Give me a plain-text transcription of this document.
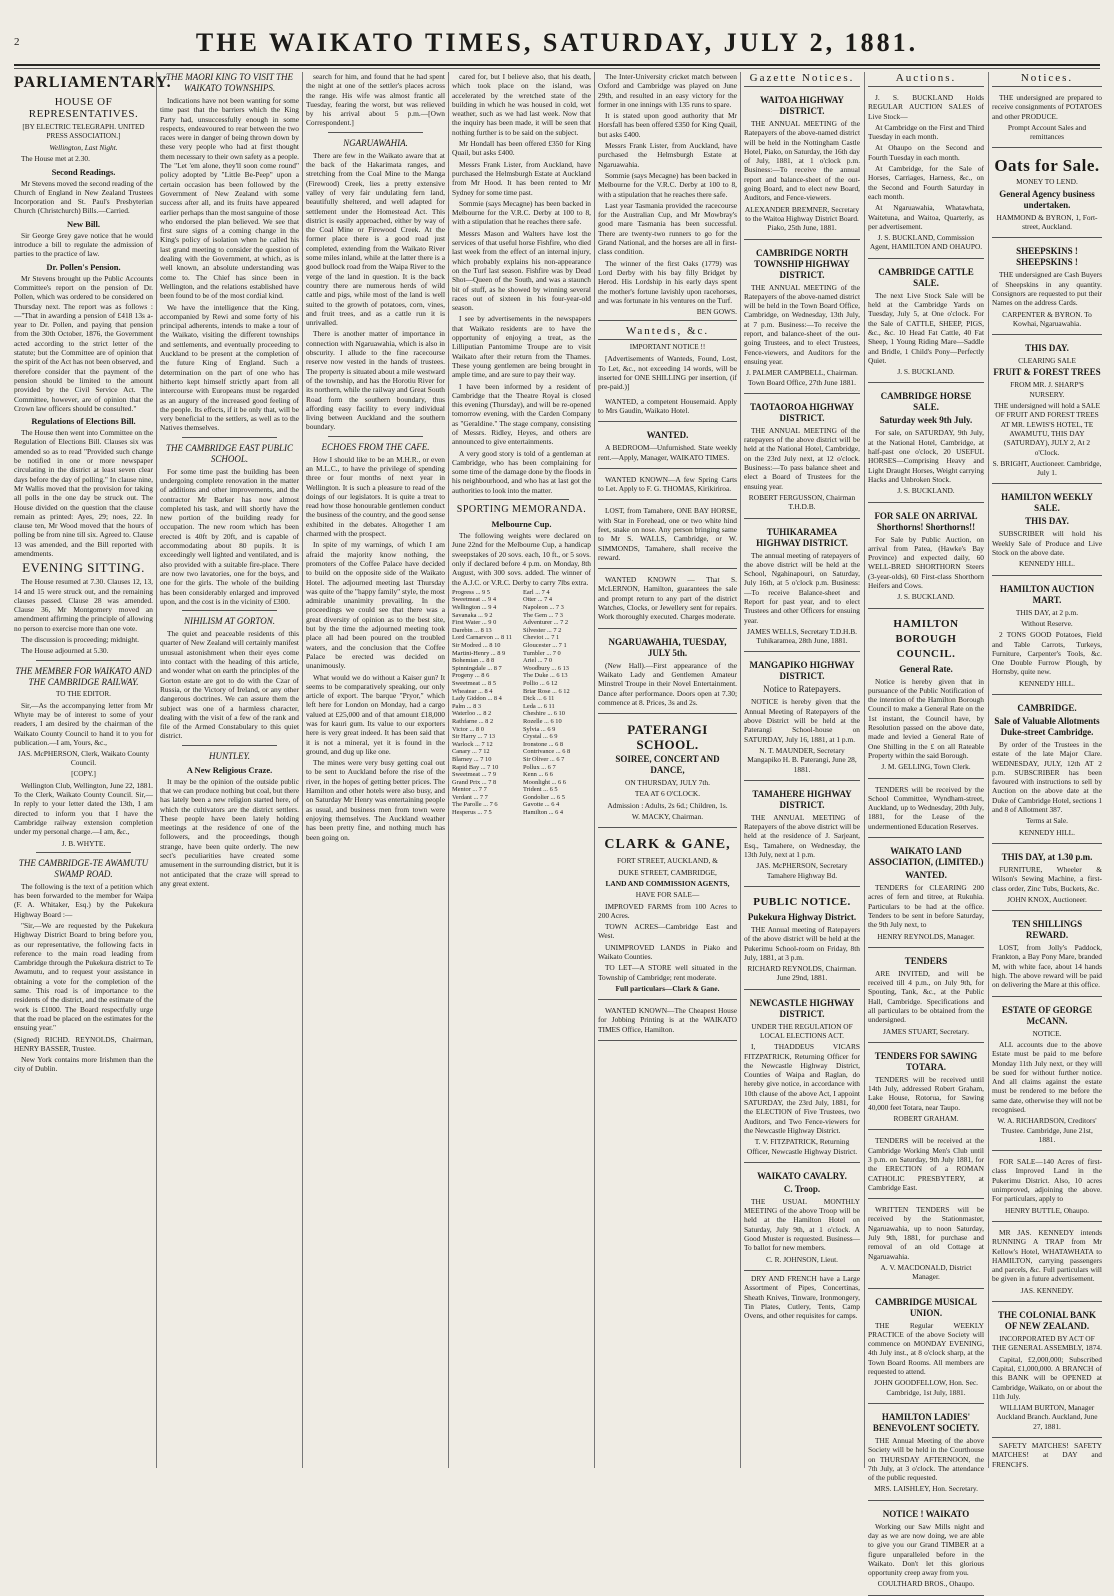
2	THE WAIKATO TIMES, SATURDAY, JULY 2, 1881.
PARLIAMENTARY.
HOUSE OF REPRESENTATIVES.
[BY ELECTRIC TELEGRAPH. UNITED PRESS ASSOCIATION.]

Wellington, Last Night.

The House met at 2.30.

Second Readings.

Mr Stevens moved the second reading of the Church of England in New Zealand Trustees Incorporation and St. Paul's Presbyterian Church (Christchurch) Bills.—Carried.

New Bill.

Sir George Grey gave notice that he would introduce a bill to regulate the admission of parties to the practice of law.

Dr. Pollen's Pension.

Mr Stevens brought up the Public Accounts Committee's report on the pension of Dr. Pollen, which was ordered to be considered on Thursday next. The report was as follows :—"That in awarding a pension of £418 13s a-year to Dr. Pollen, and paying that pension from the 30th October, 1876, the Government acted according to the strict letter of the statute; but the Committee are of opinion that the spirit of the Act has not been observed, and therefore consider that the payment of the pension should be limited to the amount provided by the Civil Service Act. The Committee, however, are of opinion that the Crown law officers should be consulted."

Regulations of Elections Bill.

The House then went into Committee on the Regulation of Elections Bill. Clauses six was amended so as to read "Provided such change be notified in one or more newspaper circulating in the district at least seven clear days before the day of polling." In clause nine, Mr Wallis moved that the provision for taking all polls in the one day be struck out. The House divided on the question that the clause remain as printed: Ayes, 29; noes, 22. In clause ten, Mr Wood moved that the hours of polling be from nine till six. Agreed to. Clause 13 was amended, and the Bill reported with amendments.

EVENING SITTING.

The House resumed at 7.30. Clauses 12, 13, 14 and 15 were struck out, and the remaining clauses passed. Clause 28 was amended. Clause 36, Mr Montgomery moved an amendment affirming the principle of allowing no person to exercise more than one vote.

The discussion is proceeding; midnight.

The House adjourned at 5.30.

THE MEMBER FOR WAIKATO AND THE CAMBRIDGE RAILWAY.
TO THE EDITOR.

Sir,—As the accompanying letter from Mr Whyte may be of interest to some of your readers, I am desired by the chairman of the Waikato County Council to hand it to you for publication.—I am, Yours, &c.,

JAS. McPHERSON, Clerk, Waikato County Council.

[COPY.]

Wellington Club, Wellington, June 22, 1881. To the Clerk, Waikato County Council. Sir,—In reply to your letter dated the 13th, I am directed to inform you that I have the Cambridge railway extension completion under my personal charge.—I am, &c.,

J. B. WHYTE.

THE CAMBRIDGE-TE AWAMUTU SWAMP ROAD.

The following is the text of a petition which has been forwarded to the member for Waipa (F. A. Whitaker, Esq.) by the Pukekura Highway Board :—

"Sir,—We are requested by the Pukekura Highway District Board to bring before you, as our representative, the following facts in reference to the main road leading from Cambridge through the Pukekura district to Te Awamutu, and to request your assistance in obtaining a vote for the completion of the same. This road is of importance to the residents of the district, and the estimate of the work is £1000. The Board respectfully urge that the road be placed on the estimates for the ensuing year."

(Signed) RICHD. REYNOLDS, Chairman, HENRY BASSER, Trustee.

New York contains more Irishmen than the city of Dublin.

THE MAORI KING TO VISIT THE WAIKATO TOWNSHIPS.

Indications have not been wanting for some time past that the barriers which the King Party had, unsuccessfully enough in some respects, endeavoured to rear between the two races were in danger of being thrown down by these very people who had at first thought them necessary to their own safety as a people. The "Let 'em alone, they'll soon come round" policy adopted by "Little Be-Peep" upon a certain occasion has been followed by the Government of New Zealand with some success after all, and its fruits have appeared earlier perhaps than the most sanguine of those who endorsed the plan believed. We see that first sure signs of a coming change in the King's policy of isolation when he called his last grand meeting to consider the question of dealing with the Government, at which, as is well known, an absolute understanding was come to. The Chief has since been in Wellington, and the relations established have been found to be of the most cordial kind.

We have the intelligence that the King, accompanied by Rewi and some forty of his principal adherents, intends to make a tour of the Waikato, visiting the different townships and settlements, and eventually proceeding to Auckland to be present at the completion of the future King of England. Such a determination on the part of one who has hitherto kept himself strictly apart from all intercourse with Europeans must be regarded as an augury of the increased good feeling of the people. Its effects, if it be only that, will be very beneficial to the settlers, as well as to the Natives themselves.

THE CAMBRIDGE EAST PUBLIC SCHOOL.

For some time past the building has been undergoing complete renovation in the matter of additions and other improvements, and the contractor Mr Barker has now almost completed his task, and will shortly have the new portion of the building ready for occupation. The new room which has been erected is 40ft by 20ft, and is capable of accommodating about 80 pupils. It is exceedingly well lighted and ventilated, and is also provided with a suitable fire-place. There are now two lavatories, one for the boys, and one for the girls. The whole of the building has been considerably enlarged and improved upon, and the cost is in the vicinity of £300.

NIHILISM AT GORTON.

The quiet and peaceable residents of this quarter of New Zealand will certainly manifest unusual astonishment when their eyes come into contact with the heading of this article, and wonder what on earth the principles of the Gorton estate are got to do with the Czar of Russia, or the Victory of Ireland, or any other dangerous doctrines. We can assure them the subject was one of a harmless character, dealing with the visit of a few of the rank and file of the Armed Constabulary to this quiet district.

HUNTLEY.
A New Religious Craze.

It may be the opinion of the outside public that we can produce nothing but coal, but there has lately been a new religion started here, of which the cultivators are the district settlers. These people have been lately holding meetings at the residence of one of the followers, and the proceedings, though strange, have been quite orderly. The new sect's peculiarities have created some amusement in the surrounding district, but it is not anticipated that the craze will spread to any great extent.

search for him, and found that he had spent the night at one of the settler's places across the range. His wife was almost frantic all Tuesday, fearing the worst, but was relieved by his arrival about 5 p.m.—[Own Correspondent.]

NGARUAWAHIA.

There are few in the Waikato aware that at the back of the Hakarimata ranges, and stretching from the Coal Mine to the Manga (Firewood) Creek, lies a pretty extensive valley of very fair undulating fern land, beautifully sheltered, and well adapted for settlement under the Homestead Act. This district is easily approached, either by way of the Coal Mine or Firewood Creek. At the former place there is a good road just completed, extending from the Waikato River some miles inland, while at the latter there is a good bullock road from the Waipa River to the verge of the land in question. It is the back country there are numerous herds of wild cattle and pigs, while most of the land is well suited to the growth of potatoes, corn, vines, and fruit trees, and as a cattle run it is unrivalled.

There is another matter of importance in connection with Ngaruawahia, which is also in obscurity. I allude to the fine racecourse reserve now vested in the hands of trustees. The property is situated about a mile westward of the township, and has the Horotiu River for its northern, while the railway and Great South Road form the southern boundary, thus affording easy facility to every individual living between Auckland and the southern boundary.

ECHOES FROM THE CAFE.

How I should like to be an M.H.R., or even an M.L.C., to have the privilege of spending three or four months of next year in Wellington. It is such a pleasure to read of the doings of our legislators. It is quite a treat to read how those honourable gentlemen conduct the business of the country, and the good sense exhibited in the debates. Altogether I am charmed with the prospect.

In spite of my warnings, of which I am afraid the majority know nothing, the promoters of the Coffee Palace have decided to build on the opposite side of the Waikato Hotel. The adjourned meeting last Thursday was quite of the "happy family" style, the most admirable unanimity prevailing. In the proceedings we could see that there was a great diversity of opinion as to the best site, but by the time the adjourned meeting took place all had been poured on the troubled waters, and the conclusion that the Coffee Palace be erected was decided on unanimously.

What would we do without a Kaiser gun? It seems to be comparatively speaking, our only article of export. The barque "Pryor," which left here for London on Monday, had a cargo valued at £25,000 and of that amount £18,000 was for kauri gum. Its value to our exporters here is very great indeed. It has been said that it is not a mineral, yet it is found in the ground, and dug up like one.

The mines were very busy getting coal out to be sent to Auckland before the rise of the river, in the hopes of getting better prices. The Hamilton and other hotels were also busy, and on Saturday Mr Henry was entertaining people as usual, and business men from town were enjoying themselves. The Auckland weather has been pretty fine, and nothing much has been going on.

cared for, but I believe also, that his death, which took place on the island, was accelerated by the wretched state of the building in which he was housed in cold, wet weather, such as we had last week. Now that the inquiry has been made, it will be seen that nothing further is to be said on the subject.

Mr Hondall has been offered £350 for King Quail, but asks £400.

Messrs Frank Lister, from Auckland, have purchased the Helmsburgh Estate at Auckland from Mr Hood. It has been rented to Mr Sydney for some time past.

Sommie (says Mecagne) has been backed in Melbourne for the V.R.C. Derby at 100 to 8, with a stipulation that he reaches there safe.

Messrs Mason and Walters have lost the services of that useful horse Fishfire, who died last week from the effect of an internal injury, which probably explains his non-appearance on the Turf last season. Fishfire was by Dead Shot—Queen of the South, and was a staunch bit of stuff, as he showed by winning several races out of sixteen in his four-year-old season.

I see by advertisements in the newspapers that Waikato residents are to have the opportunity of enjoying a treat, as the Lilliputian Pantomime Troupe are to visit Waikato after their return from the Thames. These young gentlemen are being brought in ample time, and are sure to pay their way.

I have been informed by a resident of Cambridge that the Theatre Royal is closed this evening (Thursday), and will be re-opened tomorrow evening, with the Carden Company as "Geraldine." The stage company, consisting of Messrs. Ridley, Heyes, and others are announced to give entertainments.

A very good story is told of a gentleman at Cambridge, who has been complaining for some time of the damage done by the floods in his neighbourhood, and who has at last got the authorities to look into the matter.

SPORTING MEMORANDA.
Melbourne Cup.

The following weights were declared on June 22nd for the Melbourne Cup, a handicap sweepstakes of 20 sovs. each, 10 ft., or 5 sovs. only if declared before 4 p.m. on Monday, 8th August, with 300 sovs. added. The winner of the A.J.C. or V.R.C. Derby to carry 7lbs extra.

Progress ... 9 5
Sweetmeat ... 9 4
Wellington ... 9 4
Savanaka ... 9 2
First Water ... 9 0
Darebin ... 8 13
Lord Carnarvon ... 8 11
Sir Modred ... 8 10
Martini-Henry ... 8 9
Bohemian ... 8 8
Spinningdale ... 8 7
Progeny ... 8 6
Sweetmeat ... 8 5
Wheatear ... 8 4
Lady Giddon ... 8 4
Palm ... 8 3
Waterloo ... 8 2
Rathfarne ... 8 2
Victor ... 8 0
Sir Harry ... 7 13
Warlock ... 7 12
Canary ... 7 12
Blarney ... 7 10
Rapid Bay ... 7 10
Sweetmeat ... 7 9
Grand Prix ... 7 8
Mentor ... 7 7
Verdant ... 7 7
The Parolle ... 7 6
Hesperus ... 7 5
Earl ... 7 4
Otter ... 7 4
Napoleon ... 7 3
The Gem ... 7 3
Adventurer ... 7 2
Silvester ... 7 2
Cheviot ... 7 1
Gloucester ... 7 1
Tumbler ... 7 0
Ariel ... 7 0
Woodbury ... 6 13
The Duke ... 6 13
Pollio ... 6 12
Briar Rose ... 6 12
Dick ... 6 11
Leda ... 6 11
Cheshire ... 6 10
Rozelle ... 6 10
Sylvia ... 6 9
Crystal ... 6 9
Ironstone ... 6 8
Contrivance ... 6 8
Sir Oliver ... 6 7
Pollux ... 6 7
Kenn ... 6 6
Moonlight ... 6 6
Trident ... 6 5
Gondolier ... 6 5
Gavotte ... 6 4
Hamilton ... 6 4

The Inter-University cricket match between Oxford and Cambridge was played on June 29th, and resulted in an easy victory for the former in one innings with 135 runs to spare.

It is stated upon good authority that Mr Horsfall has been offered £350 for King Quail, but asks £400.

Messrs Frank Lister, from Auckland, have purchased the Helmsburgh Estate at Ngaruawahia.

Sommie (says Mecagne) has been backed in Melbourne for the V.R.C. Derby at 100 to 8, with a stipulation that he reaches there safe.

Last year Tasmania provided the racecourse for the Australian Cup, and Mr Mowbray's good mare Tasmania has been successful. There are twenty-two runners to go for the Grand National, and the horses are all in first-class condition.

The winner of the first Oaks (1779) was Lord Derby with his bay filly Bridget by Herod. His Lordship in his early days spent the mother's fortune lavishly upon racehorses, and was fortunate in his ventures on the Turf.

BEN GOWS.

Wanteds, &c.
IMPORTANT NOTICE !!

[Advertisements of Wanteds, Found, Lost, To Let, &c., not exceeding 14 words, will be inserted for ONE SHILLING per insertion, (if pre-paid.)]

WANTED, a competent Housemaid. Apply to Mrs Gaudin, Waikato Hotel.

WANTED.

A BEDROOM—Unfurnished. State weekly rent.—Apply, Manager, WAIKATO TIMES.

WANTED KNOWN—A few Spring Carts to Let. Apply to F. G. THOMAS, Kirikiriroa.

LOST, from Tamahere, ONE BAY HORSE, with Star in Forehead, one or two white hind feet, snake on nose. Any person bringing same to Mr S. WALLS, Cambridge, or W. SIMMONDS, Tamahere, shall receive the reward.

WANTED KNOWN — That S. McLERNON, Hamilton, guarantees the sale and prompt return to any part of the district Watches, Clocks, or Jewellery sent for repairs. Work thoroughly executed. Charges moderate.

NGARUAWAHIA, TUESDAY, JULY 5th.

(New Hall).—First appearance of the Waikato Lady and Gentlemen Amateur Minstrel Troupe in their Novel Entertainment. Dance after performance. Doors open at 7.30; commence at 8. Prices, 3s and 2s.

PATERANGI SCHOOL.
SOIREE, CONCERT AND DANCE,

ON THURSDAY, JULY 7th.

TEA AT 6 O'CLOCK.

Admission : Adults, 2s 6d.; Children, 1s.

W. MACKY, Chairman.

CLARK & GANE,

FORT STREET, AUCKLAND, &

DUKE STREET, CAMBRIDGE,

LAND AND COMMISSION AGENTS,

HAVE FOR SALE—

IMPROVED FARMS from 100 Acres to 200 Acres.

TOWN ACRES—Cambridge East and West.

UNIMPROVED LANDS in Piako and Waikato Counties.

TO LET—A STORE well situated in the Township of Cambridge; rent moderate.

Full particulars—Clark & Gane.

WANTED KNOWN—The Cheapest House for Jobbing Printing is at the WAIKATO TIMES Office, Hamilton.

Gazette Notices.
WAITOA HIGHWAY DISTRICT.

THE ANNUAL MEETING of the Ratepayers of the above-named district will be held in the Nottingham Castle Hotel, Piako, on Saturday, the 16th day of July, 1881, at 1 o'clock p.m. Business:—To receive the annual report and balance-sheet of the out-going Board, and to elect new Board, Auditors, and Fence-viewers.

ALEXANDER BREMNER, Secretary to the Waitoa Highway District Board. Piako, 25th June, 1881.

CAMBRIDGE NORTH TOWNSHIP HIGHWAY DISTRICT.

THE ANNUAL MEETING of the Ratepayers of the above-named district will be held in the Town Board Office, Cambridge, on Wednesday, 13th July, at 7 p.m. Business:—To receive the report, and balance-sheet of the out-going Trustees, and to elect Trustees, Fence-viewers, and Auditors for the ensuing year.

J. PALMER CAMPBELL, Chairman. Town Board Office, 27th June 1881.

TAOTAOROA HIGHWAY DISTRICT.

THE ANNUAL MEETING of the ratepayers of the above district will be held at the National Hotel, Cambridge, on the 23rd July next, at 12 o'clock. Business:—To pass balance sheet and elect a Board of Trustees for the ensuing year.

ROBERT FERGUSSON, Chairman T.H.D.B.

TUHIKARAMEA HIGHWAY DISTRICT.

The annual meeting of ratepayers of the above district will be held at the School, Ngahinapouri, on Saturday, July 16th, at 5 o'clock p.m. Business:—To receive Balance-sheet and Report for past year, and to elect Trustees and other Officers for ensuing year.

JAMES WELLS, Secretary T.D.H.B. Tuhikaramea, 28th June, 1881.

MANGAPIKO HIGHWAY DISTRICT.
Notice to Ratepayers.

NOTICE is hereby given that the Annual Meeting of Ratepayers of the above District will be held at the Paterangi School-house on SATURDAY, July 16, 1881, at 1 p.m.

N. T. MAUNDER, Secretary Mangapiko H. B. Paterangi, June 28, 1881.

TAMAHERE HIGHWAY DISTRICT.

THE ANNUAL MEETING of Ratepayers of the above district will be held at the residence of J. Sarjeant, Esq., Tamahere, on Wednesday, the 13th July, next at 1 p.m.

JAS. McPHERSON, Secretary Tamahere Highway Bd.

PUBLIC NOTICE.
Pukekura Highway District.

THE Annual meeting of Ratepayers of the above district will be held at the Pukerimu School-room on Friday, 8th July, 1881, at 3 p.m.

RICHARD REYNOLDS, Chairman. June 29nd, 1881.

NEWCASTLE HIGHWAY DISTRICT.

UNDER THE REGULATION OF LOCAL ELECTIONS ACT.

I, THADDEUS VICARS FITZPATRICK, Returning Officer for the Newcastle Highway District, Counties of Waipa and Raglan, do hereby give notice, in accordance with 10th clause of the above Act, I appoint SATURDAY, the 23rd July, 1881, for the ELECTION of Five Trustees, two Auditors, and Two Fence-viewers for the Newcastle Highway District.

T. V. FITZPATRICK, Returning Officer, Newcastle Highway District.

WAIKATO CAVALRY.
C. Troop.

THE USUAL MONTHLY MEETING of the above Troop will be held at the Hamilton Hotel on Saturday, July 9th, at 1 o'clock. A Good Muster is requested. Business—To ballot for new members.

C. R. JOHNSON, Lieut.

DRY AND FRENCH have a Large Assortment of Pipes, Concertinas, Sheath Knives, Tinware, Ironmongery, Tin Plates, Cutlery, Tents, Camp Ovens, and other requisites for camps.

Auctions.

J. S. BUCKLAND Holds REGULAR AUCTION SALES of Live Stock—

At Cambridge on the First and Third Tuesday in each month.

At Ohaupo on the Second and Fourth Tuesday in each month.

At Cambridge, for the Sale of Horses, Carriages, Harness, &c., on the Second and Fourth Saturday in each month.

At Ngaruawahia, Whatawhata, Waitetuna, and Waitoa, Quarterly, as per advertisement.

J. S. BUCKLAND, Commission Agent, HAMILTON AND OHAUPO.

CAMBRIDGE CATTLE SALE.

The next Live Stock Sale will be held at the Cambridge Yards on Tuesday, July 5, at One o'clock. For the Sale of CATTLE, SHEEP, PIGS, &c., &c. 10 Head Fat Cattle, 40 Fat Sheep, 1 Young Riding Mare—Saddle and Bridle, 1 Child's Pony—Perfectly Quiet.

J. S. BUCKLAND.

CAMBRIDGE HORSE SALE.
Saturday week 9th July.

For sale, on SATURDAY, 9th July, at the National Hotel, Cambridge, at half-past one o'clock, 20 USEFUL HORSES—Comprising Heavy and Light Draught Horses, Weight carrying Hacks and Unbroken Stock.

J. S. BUCKLAND.

FOR SALE ON ARRIVAL Shorthorns! Shorthorns!!

For Sale by Public Auction, on arrival from Patea, (Hawke's Bay Province) and expected daily, 60 WELL-BRED SHORTHORN Steers (3-year-olds), 60 First-class Shorthorn Heifers and Cows.

J. S. BUCKLAND.

HAMILTON BOROUGH COUNCIL.
General Rate.

Notice is hereby given that in pursuance of the Public Notification of the intention of the Hamilton Borough Council to make a General Rate on the 1st instant, the Council have, by Resolution passed on the above date, made and levied a General Rate of One Shilling in the £ on all Rateable Property within the said Borough.

J. M. GELLING, Town Clerk.

TENDERS will be received by the School Committee, Wyndham-street, Auckland, up to Wednesday, 20th July, 1881, for the Lease of the undermentioned Education Reserves.

WAIKATO LAND ASSOCIATION, (LIMITED.)
WANTED.

TENDERS for CLEARING 200 acres of fern and titree, at Rukuhia. Particulars to be had at the office. Tenders to be sent in before Saturday, the 9th July next, to

HENRY REYNOLDS, Manager.

TENDERS

ARE INVITED, and will be received till 4 p.m., on July 9th, for Spouting, Tank, &c., at the Public Hall, Cambridge. Specifications and all particulars to be obtained from the undersigned.

JAMES STUART, Secretary.

TENDERS FOR SAWING TOTARA.

TENDERS will be received until 14th July, addressed Robert Graham, Lake House, Rotorua, for Sawing 40,000 feet Totara, near Taupo.

ROBERT GRAHAM.

TENDERS will be received at the Cambridge Working Men's Club until 3 p.m. on Saturday, 9th July 1881, for the ERECTION of a ROMAN CATHOLIC PRESBYTERY, at Cambridge East.

WRITTEN TENDERS will be received by the Stationmaster, Ngaruawahia, up to noon Saturday, July 9th, 1881, for purchase and removal of an old Cottage at Ngaruawahia.

A. V. MACDONALD, District Manager.

CAMBRIDGE MUSICAL UNION.

THE Regular WEEKLY PRACTICE of the above Society will commence on MONDAY EVENING, 4th July inst., at 8 o'clock sharp, at the Town Board Rooms. All members are requested to attend.

JOHN GOODFELLOW, Hon. Sec. Cambridge, 1st July, 1881.

HAMILTON LADIES' BENEVOLENT SOCIETY.

THE Annual Meeting of the above Society will be held in the Courthouse on THURSDAY AFTERNOON, the 7th July, at 3 o'clock. The attendance of the public requested.

MRS. LAISHLEY, Hon. Secretary.

NOTICE ! WAIKATO

Working our Saw Mills night and day as we are now doing, we are able to give you our Grand TIMBER at a figure unparalleled before in the Waikato. Don't let this glorious opportunity creep away from you.

COULTHARD BROS., Ohaupo.

Notices.

THE undersigned are prepared to receive consignments of POTATOES and other PRODUCE.

Prompt Account Sales and remittances

Oats for Sale.

MONEY TO LEND.

General Agency business undertaken.

HAMMOND & BYRON, 1, Fort-street, Auckland.

SHEEPSKINS ! SHEEPSKINS !

THE undersigned are Cash Buyers of Sheepskins in any quantity. Consignors are requested to put their Names on the address Cards.

CARPENTER & BYRON. To Kowhai, Ngaruawahia.

THIS DAY.

CLEARING SALE

FRUIT & FOREST TREES

FROM MR. J. SHARP'S NURSERY.

THE undersigned will hold a SALE OF FRUIT AND FOREST TREES AT MR. LEWIS'S HOTEL, TE AWAMUTU, THIS DAY (SATURDAY), JULY 2, At 2 o'Clock.

S. BRIGHT, Auctioneer. Cambridge, July 1.

HAMILTON WEEKLY SALE.
THIS DAY.

SUBSCRIBER will hold his Weekly Sale of Produce and Live Stock on the above date.

KENNEDY HILL.

HAMILTON AUCTION MART.

THIS DAY, at 2 p.m.

Without Reserve.

2 TONS GOOD Potatoes, Field and Table Carrots, Turkeys, Furniture, Carpenter's Tools, &c. One Double Furrow Plough, by Hornsby, quite new.

KENNEDY HILL.

CAMBRIDGE.
Sale of Valuable Allotments Duke-street Cambridge.

By order of the Trustees in the estate of the late Major Clare. WEDNESDAY, JULY, 12th AT 2 p.m. SUBSCRIBER has been favoured with instructions to sell by Auction on the above date at the Duke of Cambridge Hotel, sections 1 and 8 of Allotment 387.

Terms at Sale.

KENNEDY HILL.

THIS DAY, at 1.30 p.m.

FURNITURE, Wheeler & Wilson's Sewing Machine, a first-class order, Zinc Tubs, Buckets, &c.

JOHN KNOX, Auctioneer.

TEN SHILLINGS REWARD.

LOST, from Jolly's Paddock, Frankton, a Bay Pony Mare, branded M, with white face, about 14 hands high. The above reward will be paid on delivering the Mare at this office.

ESTATE OF GEORGE McCANN.

NOTICE.

ALL accounts due to the above Estate must be paid to me before Monday 11th July next, or they will be sued for without further notice. And all claims against the estate must be rendered to me before the same date, otherwise they will not be recognised.

W. A. RICHARDSON, Creditors' Trustee. Cambridge, June 21st, 1881.

FOR SALE—140 Acres of first-class Improved Land in the Pukerimu District. Also, 10 acres unimproved, adjoining the above. For particulars, apply to

HENRY BUTTLE, Ohaupo.

MR JAS. KENNEDY intends RUNNING A TRAP from Mr Kellow's Hotel, WHATAWHATA to HAMILTON, carrying passengers and parcels, &c. Full particulars will be given in a future advertisement.

JAS. KENNEDY.

THE COLONIAL BANK OF NEW ZEALAND.

INCORPORATED BY ACT OF THE GENERAL ASSEMBLY, 1874.

Capital, £2,000,000; Subscribed Capital, £1,000,000. A BRANCH of this BANK will be OPENED at Cambridge, Waikato, on or about the 11th July.

WILLIAM BURTON, Manager Auckland Branch. Auckland, June 27, 1881.

SAFETY MATCHES! SAFETY MATCHES! at DAY and FRENCH'S.
